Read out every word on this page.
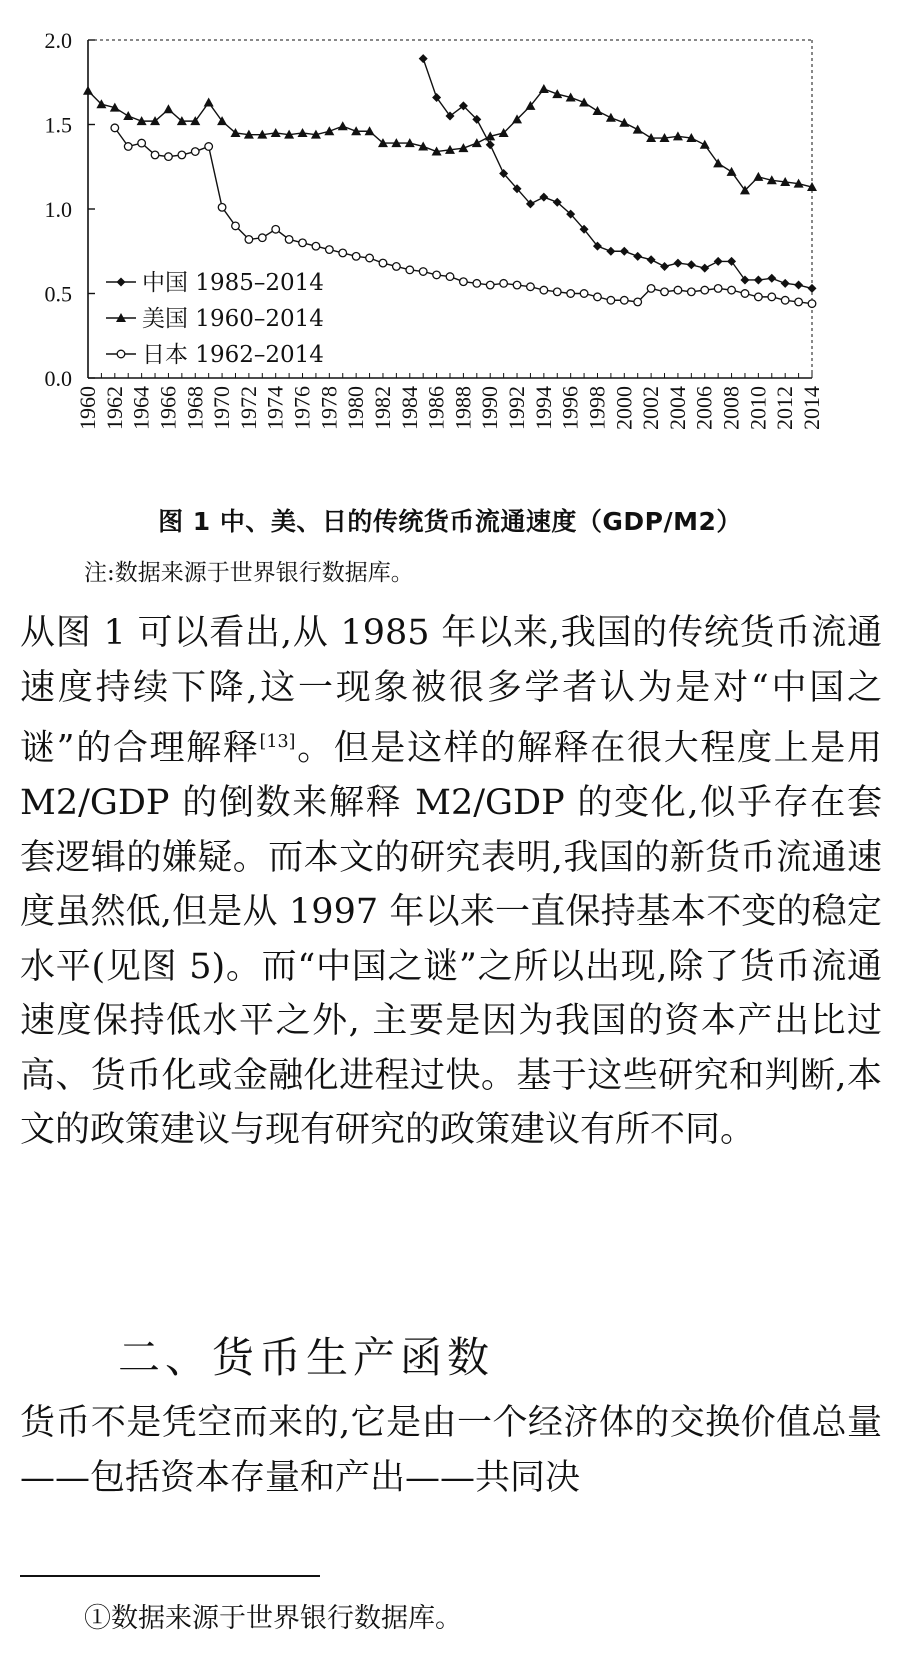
0.0
0.5
1.0
1.5
2.0
1960 1962 1964 1966 1968 1970 1972 1974 1976 1978 1980 1982 1984 1986 1988 1990 1992 1994 1996 1998 2000 2002 2004 2006 2008 2010 2012 2014
中国 1985–2014
美国 1960–2014
日本 1962–2014
图 1 中、美、日的传统货币流通速度（GDP/M2）
注:数据来源于世界银行数据库。
从图 1 可以看出,从 1985 年以来,我国的传统货币流通速度持续下降,这一现象被很多学者认为是对“中国之谜”的合理解释[13]。但是这样的解释在很大程度上是用 M2/GDP 的倒数来解释 M2/GDP 的变化,似乎存在套套逻辑的嫌疑。而本文的研究表明,我国的新货币流通速度虽然低,但是从 1997 年以来一直保持基本不变的稳定水平(见图 5)。而“中国之谜”之所以出现,除了货币流通速度保持低水平之外, 主要是因为我国的资本产出比过高、货币化或金融化进程过快。基于这些研究和判断,本文的政策建议与现有研究的政策建议有所不同。
二、货币生产函数
货币不是凭空而来的,它是由一个经济体的交换价值总量——包括资本存量和产出——共同决
①数据来源于世界银行数据库。
